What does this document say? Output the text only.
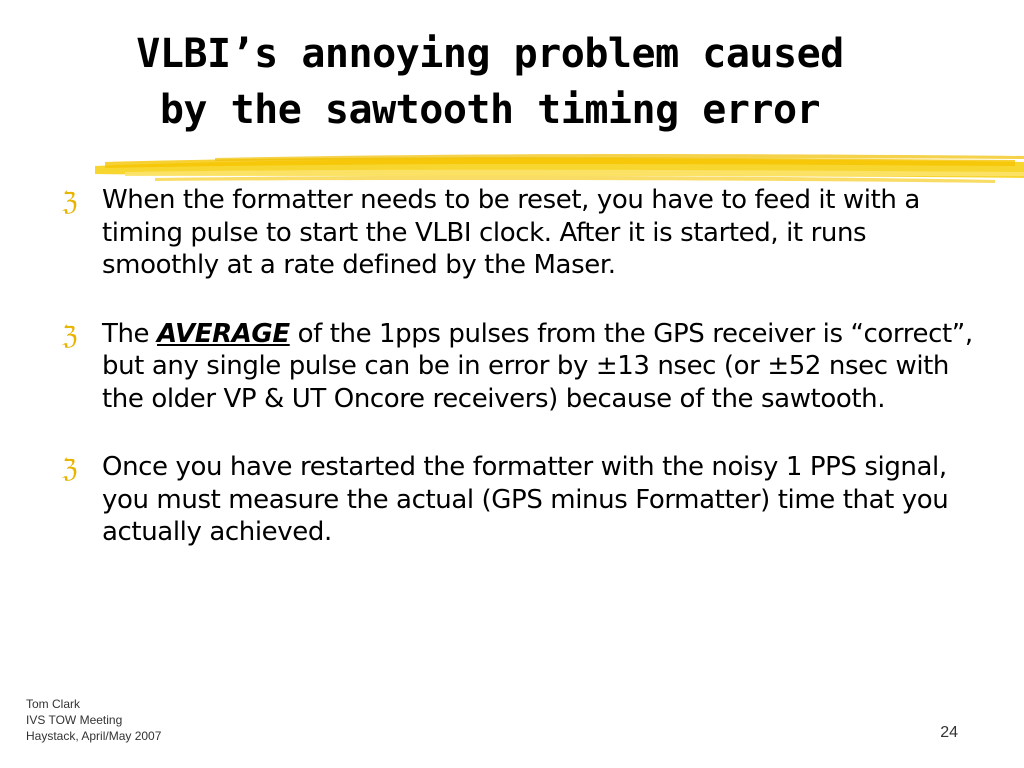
VLBI’s annoying problem caused
by the sawtooth timing error
ℨ When the formatter needs to be reset, you have to feed it with a timing pulse to start the VLBI clock. After it is started, it runs smoothly at a rate defined by the Maser.
ℨ The AVERAGE of the 1pps pulses from the GPS receiver is “correct”, but any single pulse can be in error by ±13 nsec (or ±52 nsec with the older VP & UT Oncore receivers) because of the sawtooth.
ℨ Once you have restarted the formatter with the noisy 1 PPS signal, you must measure the actual (GPS minus Formatter) time that you actually achieved.
Tom Clark
IVS TOW Meeting
Haystack, April/May 2007	24
